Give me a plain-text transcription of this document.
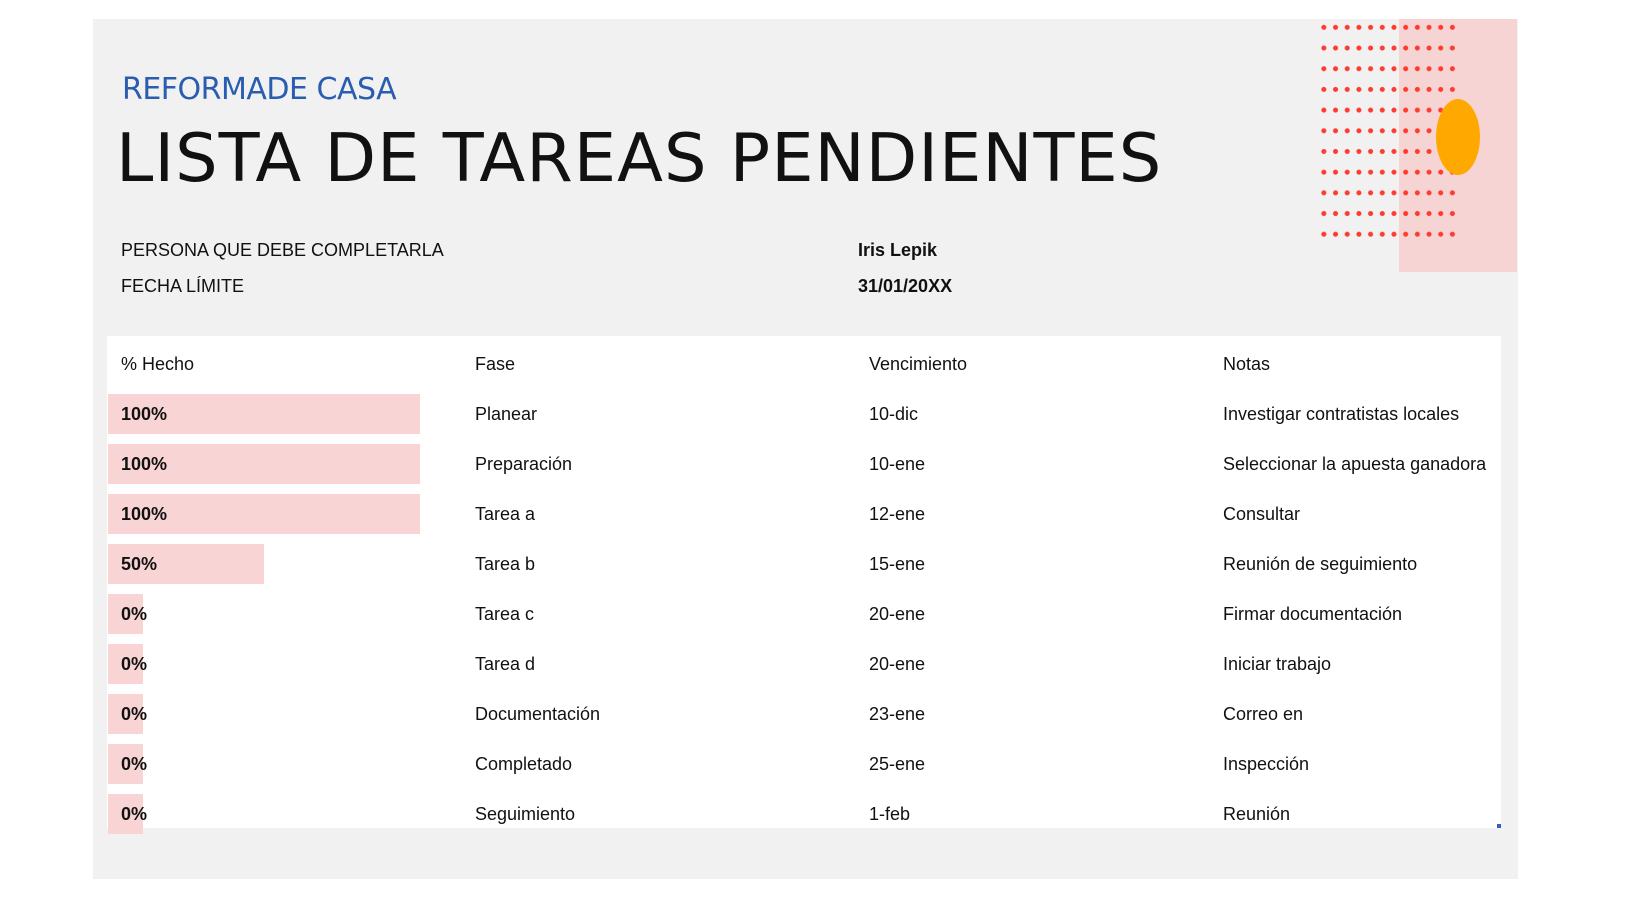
REFORMADE CASA
LISTA DE TAREAS PENDIENTES
PERSONA QUE DEBE COMPLETARLA	Iris Lepik
FECHA LÍMITE	31/01/20XX
% Hecho	Fase	Vencimiento	Notas
100%	Planear	10-dic	Investigar contratistas locales
100%	Preparación	10-ene	Seleccionar la apuesta ganadora
100%	Tarea a	12-ene	Consultar
50%	Tarea b	15-ene	Reunión de seguimiento
0%	Tarea c	20-ene	Firmar documentación
0%	Tarea d	20-ene	Iniciar trabajo
0%	Documentación	23-ene	Correo en
0%	Completado	25-ene	Inspección
0%	Seguimiento	1-feb	Reunión
